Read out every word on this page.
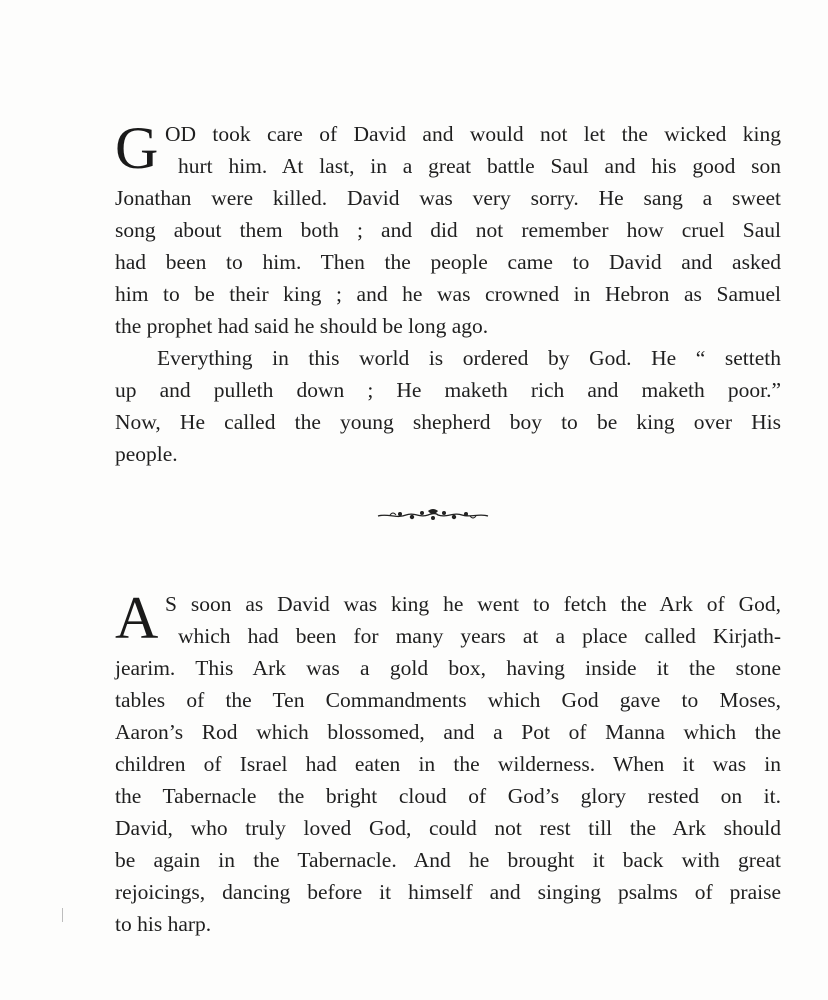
G OD took care of David and would not let the wicked king
hurt him. At last, in a great battle Saul and his good son
Jonathan were killed. David was very sorry. He sang a sweet
song about them both ; and did not remember how cruel Saul
had been to him. Then the people came to David and asked
him to be their king ; and he was crowned in Hebron as Samuel
the prophet had said he should be long ago.
Everything in this world is ordered by God. He “ setteth
up and pulleth down ; He maketh rich and maketh poor.”
Now, He called the young shepherd boy to be king over His
people.
A S soon as David was king he went to fetch the Ark of God,
which had been for many years at a place called Kirjath-
jearim. This Ark was a gold box, having inside it the stone
tables of the Ten Commandments which God gave to Moses,
Aaron’s Rod which blossomed, and a Pot of Manna which the
children of Israel had eaten in the wilderness. When it was in
the Tabernacle the bright cloud of God’s glory rested on it.
David, who truly loved God, could not rest till the Ark should
be again in the Tabernacle. And he brought it back with great
rejoicings, dancing before it himself and singing psalms of praise
to his harp.
